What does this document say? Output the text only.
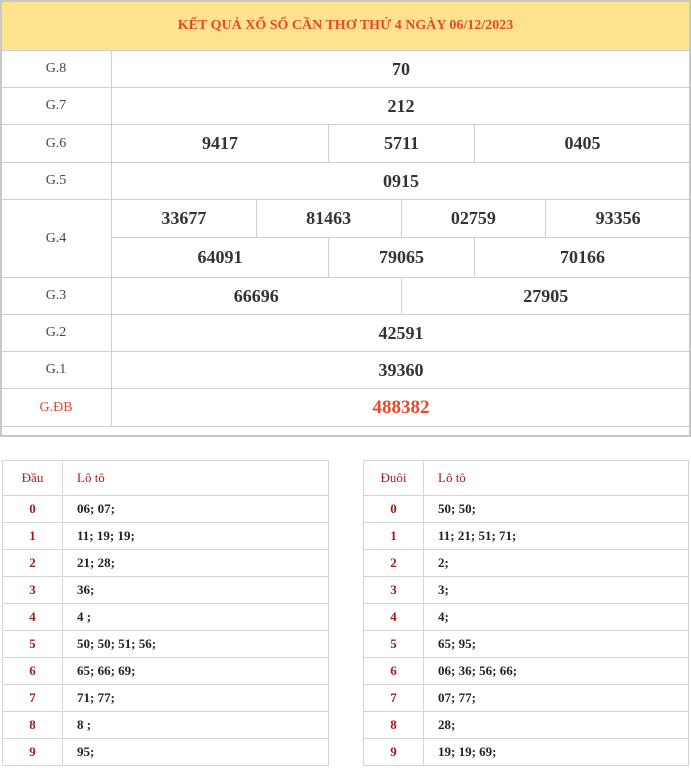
KẾT QUẢ XỔ SỐ CẦN THƠ THỨ 4 NGÀY 06/12/2023
G.8	70
G.7	212
G.6		9417	5711	0405

G.5	0915
G.4	33677	81463	02759	93356

64091	79065	70166

G.3	66696	27905
G.2	42591
G.1	39360
G.ĐB	488382
Đầu	Lô tô
0	06; 07;
1	11; 19; 19;
2	21; 28;
3	36;
4	4 ;
5	50; 50; 51; 56;
6	65; 66; 69;
7	71; 77;
8	8 ;
9	95;
Đuôi	Lô tô
0	50; 50;
1	11; 21; 51; 71;
2	2;
3	3;
4	4;
5	65; 95;
6	06; 36; 56; 66;
7	07; 77;
8	28;
9	19; 19; 69;
